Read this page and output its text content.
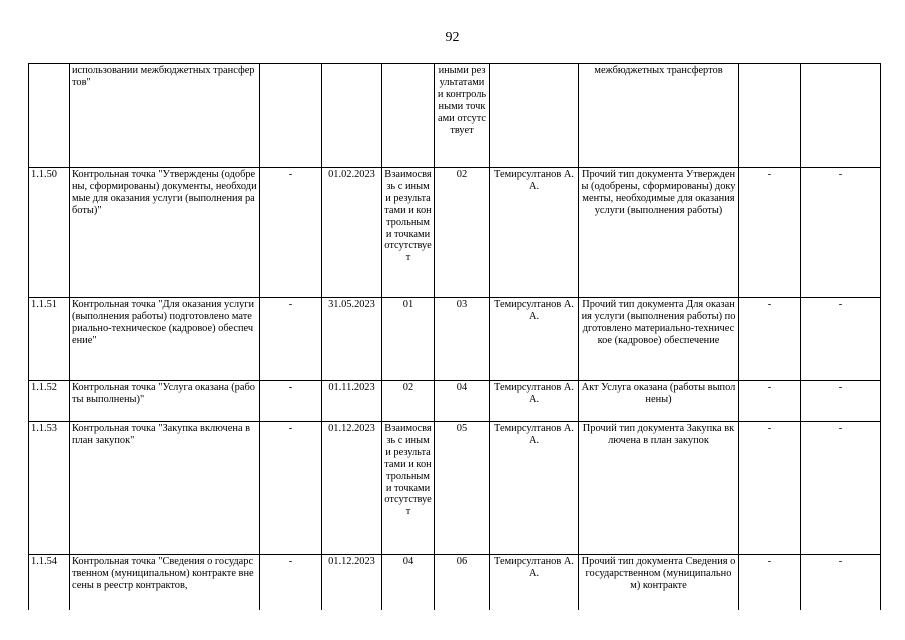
92
	использовании межбюджетных трансфертов"				иными результатами и контрольными точками отсутствует		межбюджетных трансфертов		
1.1.50	Контрольная точка "Утверждены (одобрены, сформированы) документы, необходимые для оказания услуги (выполнения работы)"	-	01.02.2023	Взаимосвязь с иными результатами и контрольными точками отсутствует	02	Темирсултанов А.А.	Прочий тип документа Утверждены (одобрены, сформированы) документы, необходимые для оказания услуги (выполнения работы)	-	-
1.1.51	Контрольная точка "Для оказания услуги (выполнения работы) подготовлено материально-техническое (кадровое) обеспечение"	-	31.05.2023	01	03	Темирсултанов А.А.	Прочий тип документа Для оказания услуги (выполнения работы) подготовлено материально-техническое (кадровое) обеспечение	-	-
1.1.52	Контрольная точка "Услуга оказана (работы выполнены)"	-	01.11.2023	02	04	Темирсултанов А.А.	Акт Услуга оказана (работы выполнены)	-	-
1.1.53	Контрольная точка "Закупка включена в план закупок"	-	01.12.2023	Взаимосвязь с иными результатами и контрольными точками отсутствует	05	Темирсултанов А.А.	Прочий тип документа Закупка включена в план закупок	-	-
1.1.54	Контрольная точка "Сведения о государственном (муниципальном) контракте внесены в реестр контрактов,	-	01.12.2023	04	06	Темирсултанов А.А.	Прочий тип документа Сведения о государственном (муниципальном) контракте	-	-
